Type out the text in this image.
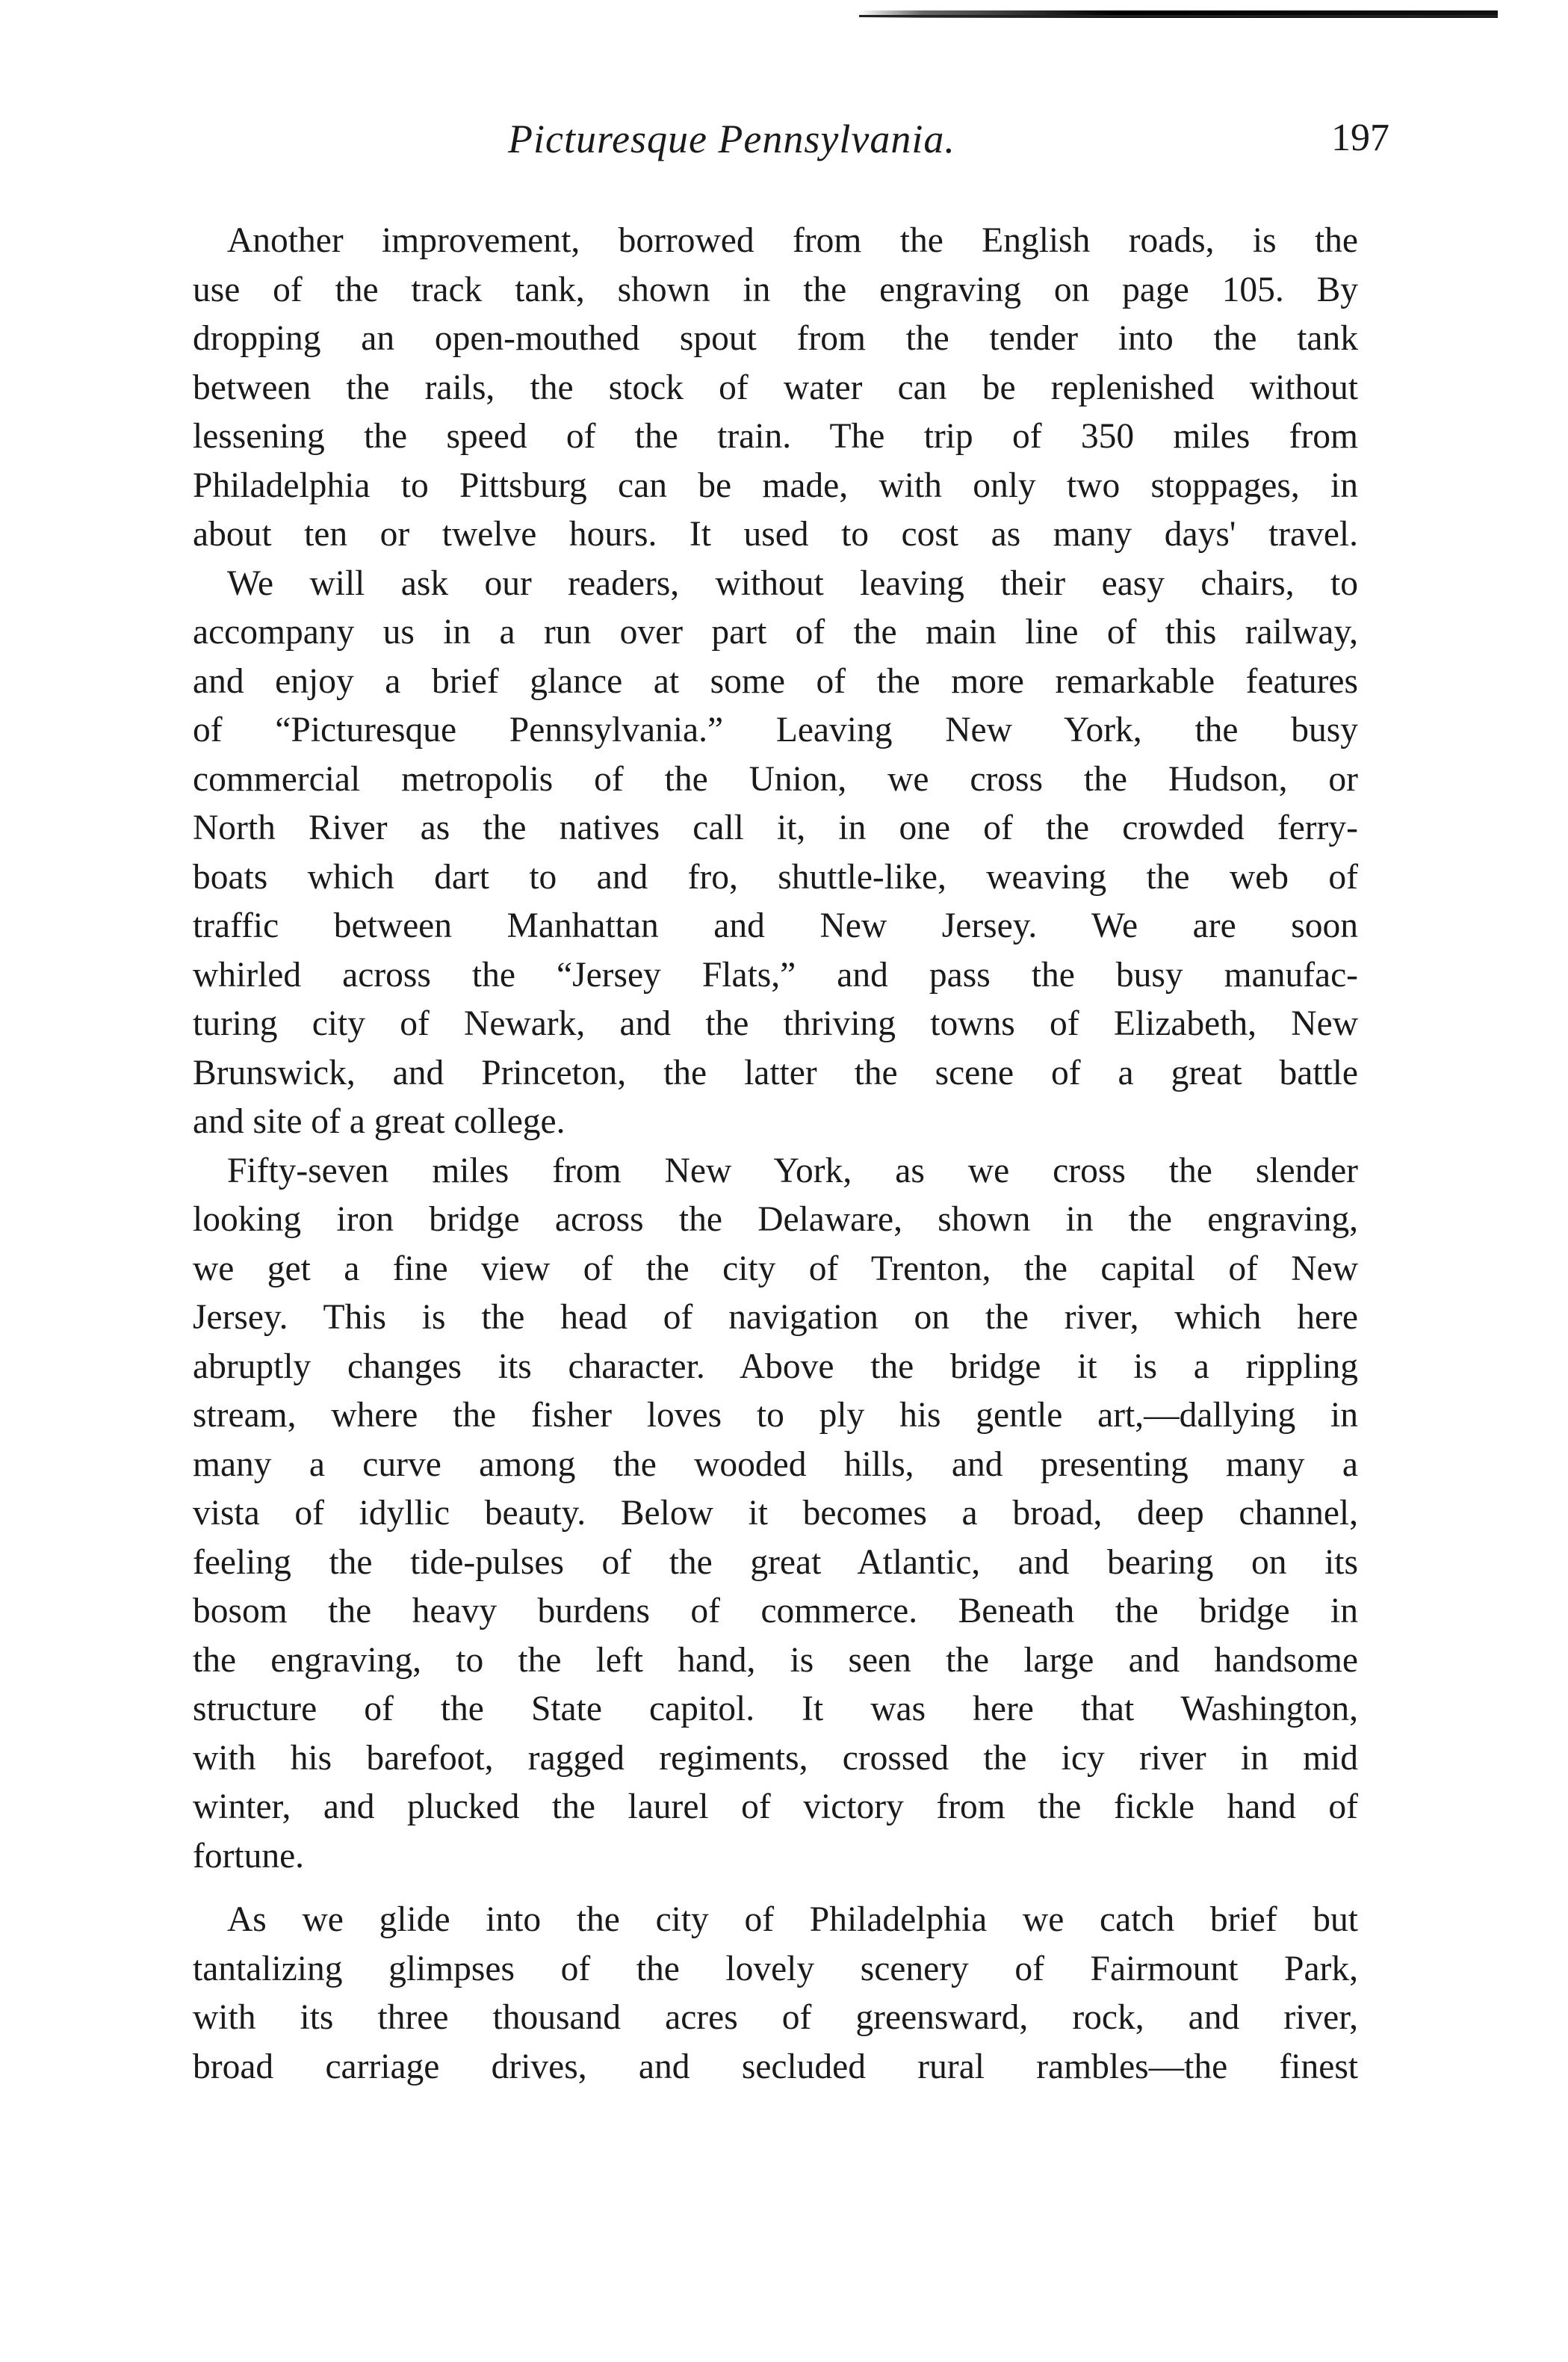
Picturesque Pennsylvania.	197

Another improvement, borrowed from the English roads, is the
use of the track tank, shown in the engraving on page 105. By
dropping an open-mouthed spout from the tender into the tank
between the rails, the stock of water can be replenished without
lessening the speed of the train. The trip of 350 miles from
Philadelphia to Pittsburg can be made, with only two stoppages, in
about ten or twelve hours. It used to cost as many days' travel.

We will ask our readers, without leaving their easy chairs, to
accompany us in a run over part of the main line of this railway,
and enjoy a brief glance at some of the more remarkable features
of “Picturesque Pennsylvania.” Leaving New York, the busy
commercial metropolis of the Union, we cross the Hudson, or
North River as the natives call it, in one of the crowded ferry-
boats which dart to and fro, shuttle-like, weaving the web of
traffic between Manhattan and New Jersey. We are soon
whirled across the “Jersey Flats,” and pass the busy manufac-
turing city of Newark, and the thriving towns of Elizabeth, New
Brunswick, and Princeton, the latter the scene of a great battle
and site of a great college.

Fifty-seven miles from New York, as we cross the slender
looking iron bridge across the Delaware, shown in the engraving,
we get a fine view of the city of Trenton, the capital of New
Jersey. This is the head of navigation on the river, which here
abruptly changes its character. Above the bridge it is a rippling
stream, where the fisher loves to ply his gentle art,—dallying in
many a curve among the wooded hills, and presenting many a
vista of idyllic beauty. Below it becomes a broad, deep channel,
feeling the tide-pulses of the great Atlantic, and bearing on its
bosom the heavy burdens of commerce. Beneath the bridge in
the engraving, to the left hand, is seen the large and handsome
structure of the State capitol. It was here that Washington,
with his barefoot, ragged regiments, crossed the icy river in mid
winter, and plucked the laurel of victory from the fickle hand of
fortune.

As we glide into the city of Philadelphia we catch brief but
tantalizing glimpses of the lovely scenery of Fairmount Park,
with its three thousand acres of greensward, rock, and river,
broad carriage drives, and secluded rural rambles—the finest
